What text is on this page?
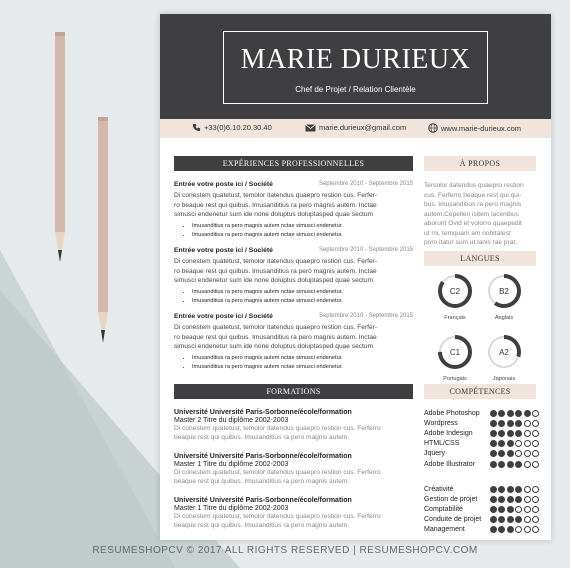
MARIE DURIEUX
Chef de Projet / Relation Clientèle
+33(0)6.10.20.30.40	marie.durieux@gmail.com	www.marie-durieux.com
EXPÉRIENCES PROFESSIONNELLES
Entrée votre poste ici / Société	Septembre 2010 - Septembre 2015
Di conestem quatetust, temolor itatendus quaepro restion cus. Ferfer-
ro beaque rest qui quibus. Imusanditius ra pero magnis autem. Inctae
simusci endenetur sum ide none doluptus doluptasped quae sectum
• Imusanditius ra pero magnis autem nctae simusci endenetur.
• Imusanditius ra pero magnis autem nctae simusci endenetur.
Entrée votre poste ici / Société	Septembre 2010 - Septembre 2015
Di conestem quatetust, temolor itatendus quaepro restion cus. Ferfer-
ro beaque rest qui quibus. Imusanditius ra pero magnis autem. Inctae
simusci endenetur sum ide none doluptus doluptasped quae sectum
• Imusanditius ra pero magnis autem nctae simusci endenetur.
• Imusanditius ra pero magnis autem nctae simusci endenetur.
Entrée votre poste ici / Société	Septembre 2010 - Septembre 2015
Di conestem quatetust, temolor itatendus quaepro restion cus. Ferfer-
ro beaque rest qui quibus. Imusanditius ra pero magnis autem. Inctae
simusci endenetur sum ide none doluptus doluptasped quae sectum
• Imusanditius ra pero magnis autem nctae simusci endenetur.
• Imusanditius ra pero magnis autem nctae simusci endenetur.
FORMATIONS
Université Université Paris-Sorbonne/école/formation
Master 2 Titre du diplôme 2002-2003
Di conestem quatetust, temolor itatendus quaepro restion cus. Ferferro
beaque rest qui quibus. Imusanditius ra pero magnis autem.
Université Université Paris-Sorbonne/école/formation
Master 1 Titre du diplôme 2002-2003
Di conestem quatetust, temolor itatendus quaepro restion cus. Ferferro
beaque rest qui quibus. Imusanditius ra pero magnis autem.
Université Université Paris-Sorbonne/école/formation
Master 1 Titre du diplôme 2002-2003
Di conestem quatetust, temolor itatendus quaepro restion cus. Ferferro
beaque rest qui quibus. Imusanditius ra pero magnis autem.
À PROPOS
Tersolor itatendus quaepro restion
cus. Ferferro beaque rest qui qui-
bus. Imusanditius ra pero magnis
autem.Cepellen isitem lacenibus
aborunt Ovid et volorro quaepedit
ut mi, temquam am nobitatest
poro itatur sum ut lanis rae prat.
LANGUES
C2
Français
B2
Anglais
C1
Portugais
A2
Japonais
COMPÉTENCES
Adobe Photoshop
Wordpress
Adobe Indesign
HTML/CSS
Jquery
Adobe Illustrator
Créativité
Gestion de projet
Comptabilité
Conduite de projet
Management
RESUMESHOPCV © 2017 ALL RIGHTS RESERVED | RESUMESHOPCV.COM
